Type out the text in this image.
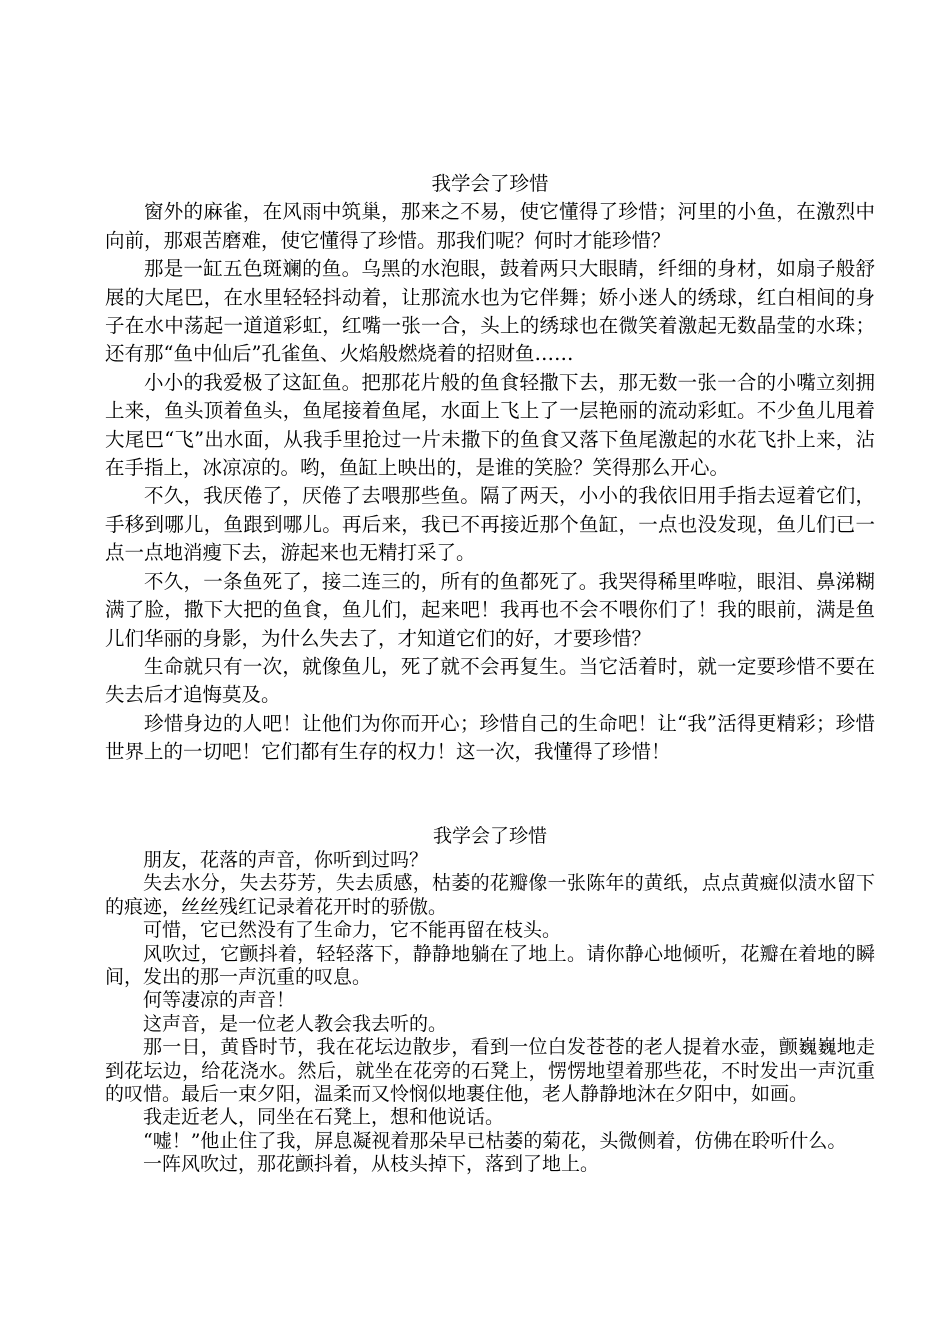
我学会了珍惜

窗外的麻雀，在风雨中筑巢，那来之不易，使它懂得了珍惜；河里的小鱼，在激烈中向前，那艰苦磨难，使它懂得了珍惜。那我们呢？何时才能珍惜？

那是一缸五色斑斓的鱼。乌黑的水泡眼，鼓着两只大眼睛，纤细的身材，如扇子般舒展的大尾巴，在水里轻轻抖动着，让那流水也为它伴舞；娇小迷人的绣球，红白相间的身子在水中荡起一道道彩虹，红嘴一张一合，头上的绣球也在微笑着激起无数晶莹的水珠；还有那“鱼中仙后”孔雀鱼、火焰般燃烧着的招财鱼……

小小的我爱极了这缸鱼。把那花片般的鱼食轻撒下去，那无数一张一合的小嘴立刻拥上来，鱼头顶着鱼头，鱼尾接着鱼尾，水面上飞上了一层艳丽的流动彩虹。不少鱼儿甩着大尾巴“飞”出水面，从我手里抢过一片未撒下的鱼食又落下鱼尾激起的水花飞扑上来，沾在手指上，冰凉凉的。哟，鱼缸上映出的，是谁的笑脸？笑得那么开心。

不久，我厌倦了，厌倦了去喂那些鱼。隔了两天，小小的我依旧用手指去逗着它们，手移到哪儿，鱼跟到哪儿。再后来，我已不再接近那个鱼缸，一点也没发现，鱼儿们已一点一点地消瘦下去，游起来也无精打采了。

不久，一条鱼死了，接二连三的，所有的鱼都死了。我哭得稀里哗啦，眼泪、鼻涕糊满了脸，撒下大把的鱼食，鱼儿们，起来吧！我再也不会不喂你们了！我的眼前，满是鱼儿们华丽的身影，为什么失去了，才知道它们的好，才要珍惜？

生命就只有一次，就像鱼儿，死了就不会再复生。当它活着时，就一定要珍惜不要在失去后才追悔莫及。

珍惜身边的人吧！让他们为你而开心；珍惜自己的生命吧！让“我”活得更精彩；珍惜世界上的一切吧！它们都有生存的权力！这一次，我懂得了珍惜！

我学会了珍惜

朋友，花落的声音，你听到过吗？

失去水分，失去芬芳，失去质感，枯萎的花瓣像一张陈年的黄纸，点点黄癍似渍水留下的痕迹，丝丝残红记录着花开时的骄傲。

可惜，它已然没有了生命力，它不能再留在枝头。

风吹过，它颤抖着，轻轻落下，静静地躺在了地上。请你静心地倾听，花瓣在着地的瞬间，发出的那一声沉重的叹息。

何等凄凉的声音！

这声音，是一位老人教会我去听的。

那一日，黄昏时节，我在花坛边散步，看到一位白发苍苍的老人提着水壶，颤巍巍地走到花坛边，给花浇水。然后，就坐在花旁的石凳上，愣愣地望着那些花，不时发出一声沉重的叹惜。最后一束夕阳，温柔而又怜悯似地裹住他，老人静静地沐在夕阳中，如画。

我走近老人，同坐在石凳上，想和他说话。

“嘘！”他止住了我，屏息凝视着那朵早已枯萎的菊花，头微侧着，仿佛在聆听什么。

一阵风吹过，那花颤抖着，从枝头掉下，落到了地上。
